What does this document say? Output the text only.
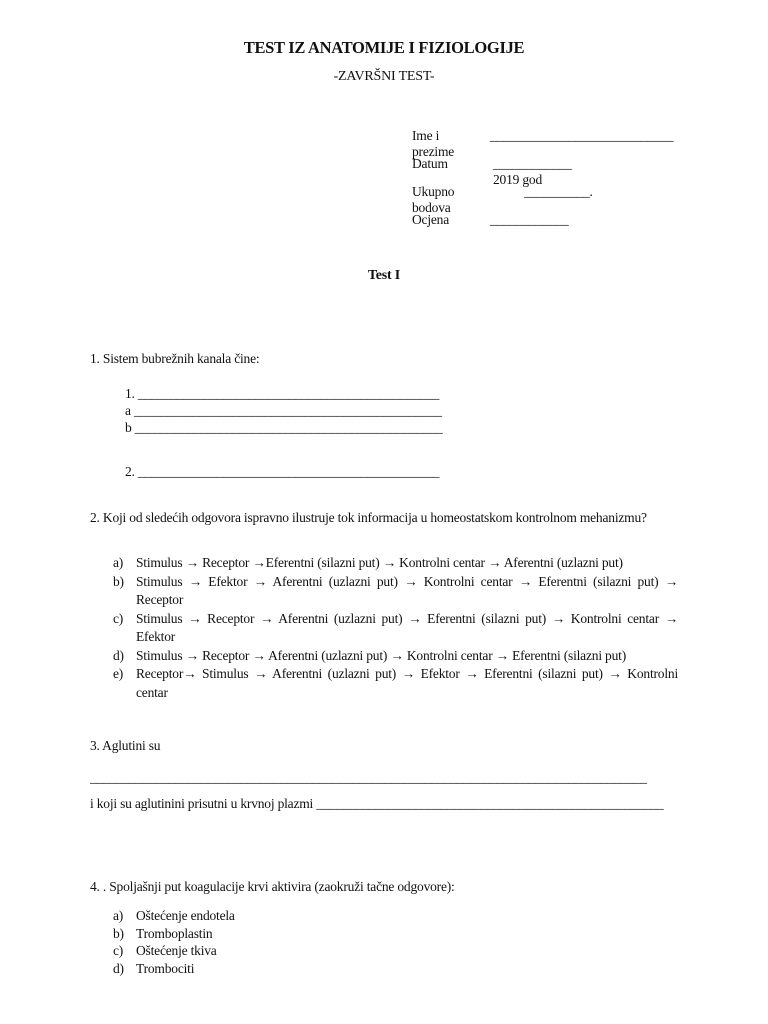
TEST IZ ANATOMIJE I FIZIOLOGIJE
-ZAVRŠNI TEST-
Ime i prezime
____________________________
Datum	____________ 2019 god
Ukupno bodova
__________.
Ocjena	____________
Test I
1. Sistem bubrežnih kanala čine:
1. ______________________________________________
a _______________________________________________
b _______________________________________________
2. ______________________________________________
2. Koji od sledećih odgovora ispravno ilustruje tok informacija u homeostatskom kontrolnom mehanizmu?
a) Stimulus → Receptor →Eferentni (silazni put) → Kontrolni centar → Aferentni (uzlazni put)
b) Stimulus → Efektor → Aferentni (uzlazni put) → Kontrolni centar → Eferentni (silazni put) → Receptor
c) Stimulus → Receptor → Aferentni (uzlazni put) → Eferentni (silazni put) → Kontrolni centar → Efektor
d) Stimulus → Receptor → Aferentni (uzlazni put) → Kontrolni centar → Eferentni (silazni put)
e) Receptor→ Stimulus → Aferentni (uzlazni put) → Efektor → Eferentni (silazni put) → Kontrolni centar
3. Aglutini su
_____________________________________________________________________________________
i koji su aglutinini prisutni u krvnoj plazmi _____________________________________________________
4. . Spoljašnji put koagulacije krvi aktivira (zaokruži tačne odgovore):
a) Oštećenje endotela
b) Tromboplastin
c) Oštećenje tkiva
d) Trombociti
